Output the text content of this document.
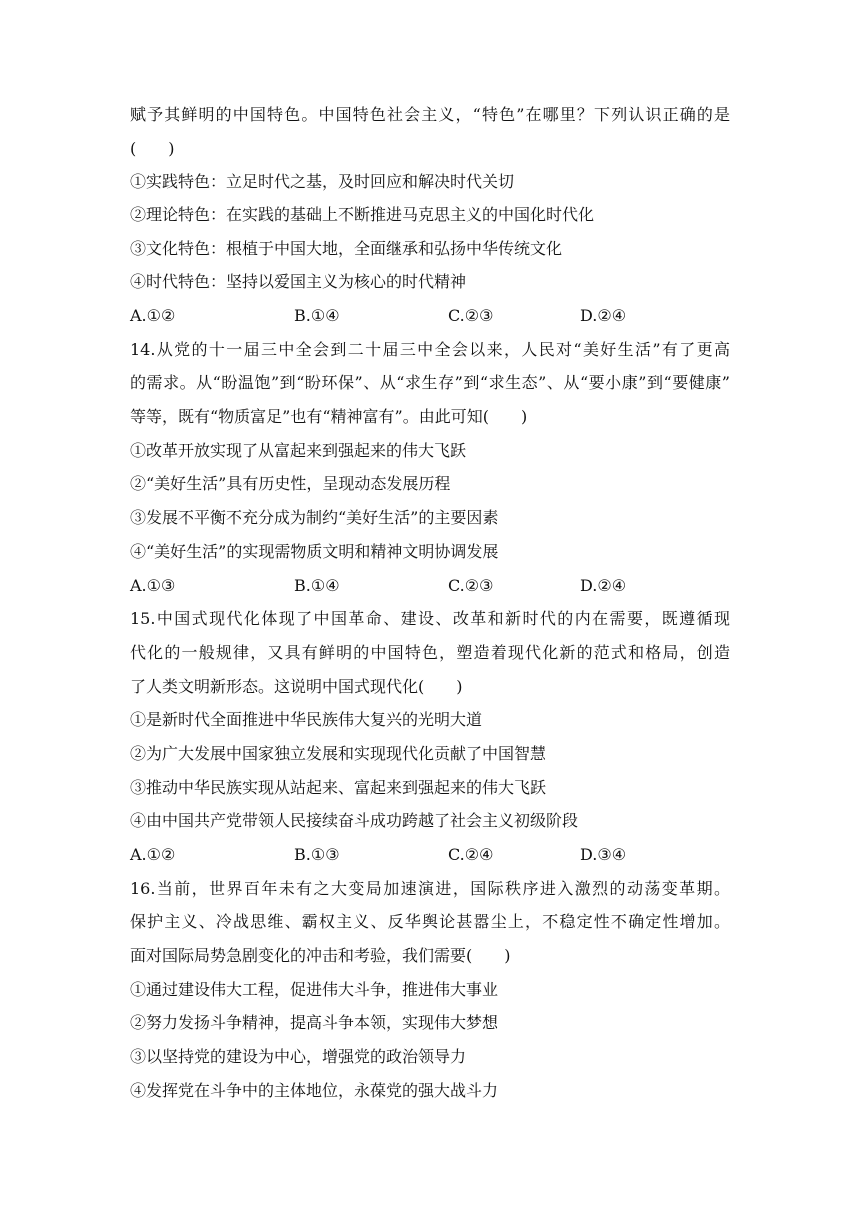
赋予其鲜明的中国特色。中国特色社会主义，“特色”在哪里？下列认识正确的是
(　　)
①实践特色：立足时代之基，及时回应和解决时代关切
②理论特色：在实践的基础上不断推进马克思主义的中国化时代化
③文化特色：根植于中国大地，全面继承和弘扬中华传统文化
④时代特色：坚持以爱国主义为核心的时代精神
A.①②	B.①④	C.②③	D.②④
14.从党的十一届三中全会到二十届三中全会以来，人民对“美好生活”有了更高
的需求。从“盼温饱”到“盼环保”、从“求生存”到“求生态”、从“要小康”到“要健康”
等等，既有“物质富足”也有“精神富有”。由此可知(　　)
①改革开放实现了从富起来到强起来的伟大飞跃
②“美好生活”具有历史性，呈现动态发展历程
③发展不平衡不充分成为制约“美好生活”的主要因素
④“美好生活”的实现需物质文明和精神文明协调发展
A.①③	B.①④	C.②③	D.②④
15.中国式现代化体现了中国革命、建设、改革和新时代的内在需要，既遵循现
代化的一般规律，又具有鲜明的中国特色，塑造着现代化新的范式和格局，创造
了人类文明新形态。这说明中国式现代化(　　)
①是新时代全面推进中华民族伟大复兴的光明大道
②为广大发展中国家独立发展和实现现代化贡献了中国智慧
③推动中华民族实现从站起来、富起来到强起来的伟大飞跃
④由中国共产党带领人民接续奋斗成功跨越了社会主义初级阶段
A.①②	B.①③	C.②④	D.③④
16.当前，世界百年未有之大变局加速演进，国际秩序进入激烈的动荡变革期。
保护主义、冷战思维、霸权主义、反华舆论甚嚣尘上，不稳定性不确定性增加。
面对国际局势急剧变化的冲击和考验，我们需要(　　)
①通过建设伟大工程，促进伟大斗争，推进伟大事业
②努力发扬斗争精神，提高斗争本领，实现伟大梦想
③以坚持党的建设为中心，增强党的政治领导力
④发挥党在斗争中的主体地位，永葆党的强大战斗力
